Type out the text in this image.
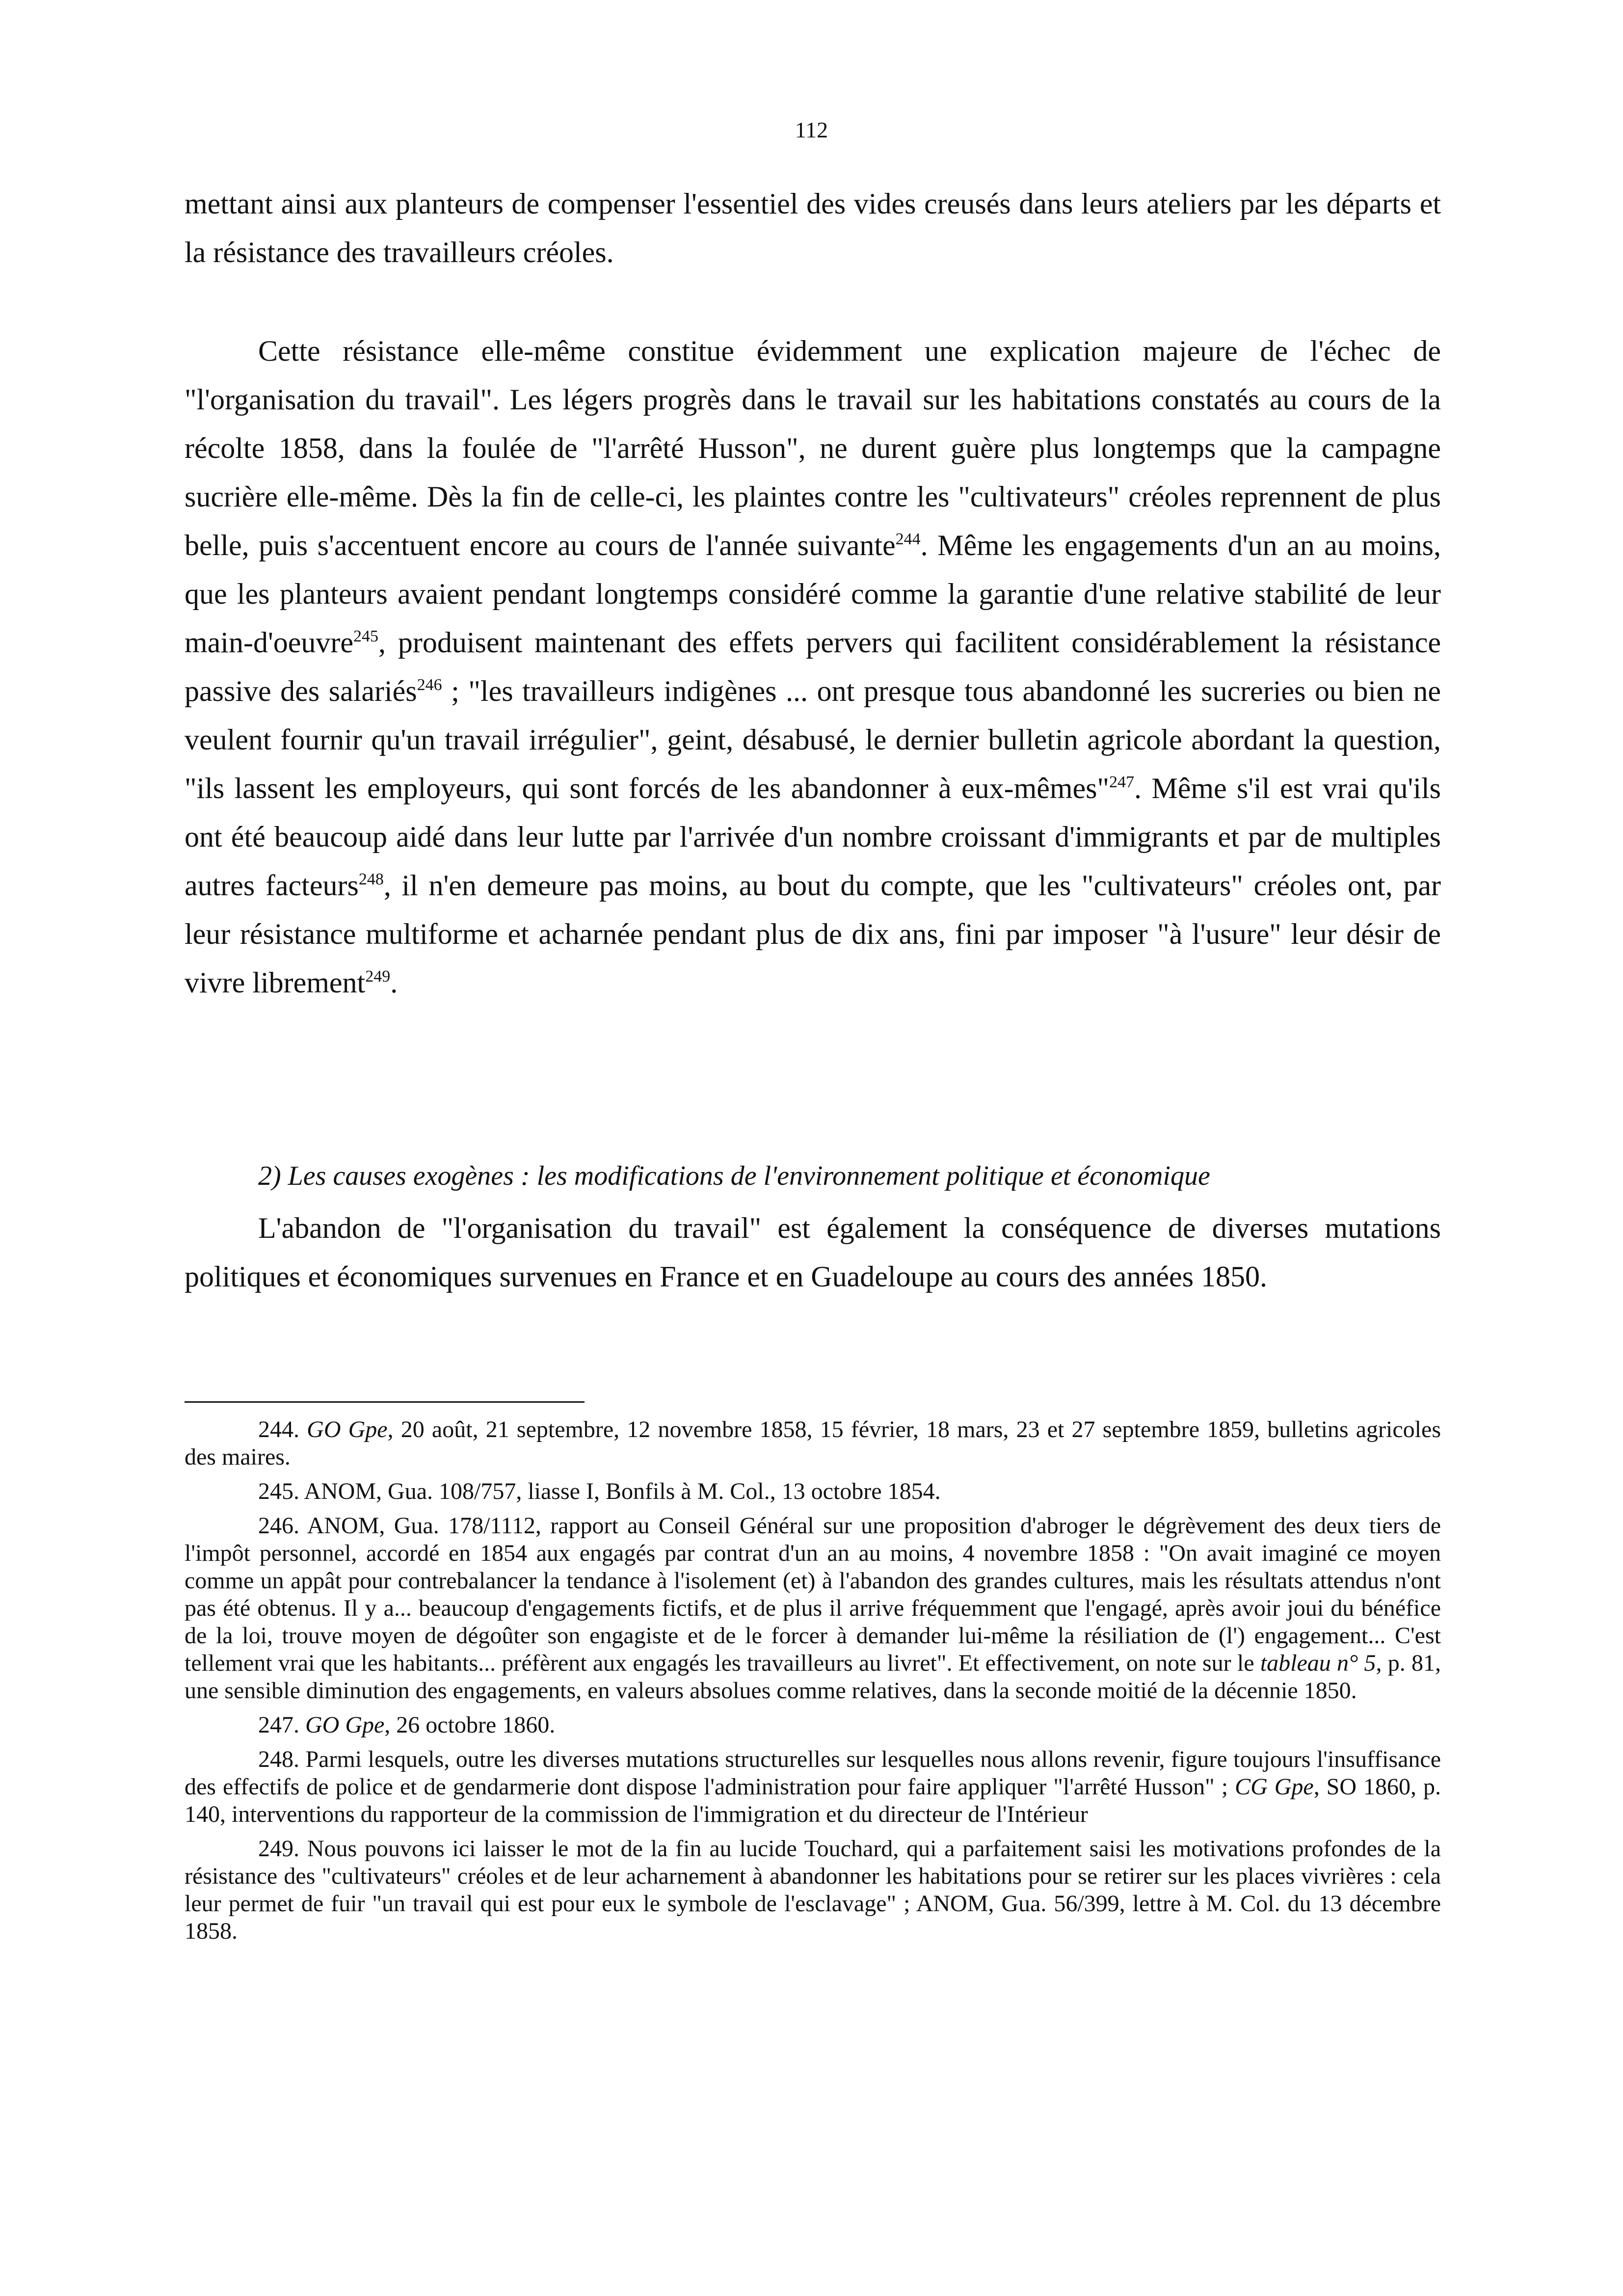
112

mettant ainsi aux planteurs de compenser l'essentiel des vides creusés dans leurs ateliers par les départs et la résistance des travailleurs créoles.

Cette résistance elle-même constitue évidemment une explication majeure de l'échec de "l'organisation du travail". Les légers progrès dans le travail sur les habitations constatés au cours de la récolte 1858, dans la foulée de "l'arrêté Husson", ne durent guère plus longtemps que la campagne sucrière elle-même. Dès la fin de celle-ci, les plaintes contre les "cultivateurs" créoles reprennent de plus belle, puis s'accentuent encore au cours de l'année suivante$^{244}$. Même les engagements d'un an au moins, que les planteurs avaient pendant longtemps considéré comme la garantie d'une relative stabilité de leur main-d'oeuvre$^{245}$, produisent maintenant des effets pervers qui facilitent considérablement la résistance passive des salariés$^{246}$ ; "les travailleurs indigènes ... ont presque tous abandonné les sucreries ou bien ne veulent fournir qu'un travail irrégulier", geint, désabusé, le dernier bulletin agricole abordant la question, "ils lassent les employeurs, qui sont forcés de les abandonner à eux-mêmes"$^{247}$. Même s'il est vrai qu'ils ont été beaucoup aidé dans leur lutte par l'arrivée d'un nombre croissant d'immigrants et par de multiples autres facteurs$^{248}$, il n'en demeure pas moins, au bout du compte, que les "cultivateurs" créoles ont, par leur résistance multiforme et acharnée pendant plus de dix ans, fini par imposer "à l'usure" leur désir de vivre librement$^{249}$.

2) Les causes exogènes : les modifications de l'environnement politique et économique

L'abandon de "l'organisation du travail" est également la conséquence de diverses mutations politiques et économiques survenues en France et en Guadeloupe au cours des années 1850.

244. GO Gpe, 20 août, 21 septembre, 12 novembre 1858, 15 février, 18 mars, 23 et 27 septembre 1859, bulletins agricoles des maires.

245. ANOM, Gua. 108/757, liasse I, Bonfils à M. Col., 13 octobre 1854.

246. ANOM, Gua. 178/1112, rapport au Conseil Général sur une proposition d'abroger le dégrèvement des deux tiers de l'impôt personnel, accordé en 1854 aux engagés par contrat d'un an au moins, 4 novembre 1858 : "On avait imaginé ce moyen comme un appât pour contrebalancer la tendance à l'isolement (et) à l'abandon des grandes cultures, mais les résultats attendus n'ont pas été obtenus. Il y a... beaucoup d'engagements fictifs, et de plus il arrive fréquemment que l'engagé, après avoir joui du bénéfice de la loi, trouve moyen de dégoûter son engagiste et de le forcer à demander lui-même la résiliation de (l') engagement... C'est tellement vrai que les habitants... préfèrent aux engagés les travailleurs au livret". Et effectivement, on note sur le tableau n° 5, p. 81, une sensible diminution des engagements, en valeurs absolues comme relatives, dans la seconde moitié de la décennie 1850.

247. GO Gpe, 26 octobre 1860.

248. Parmi lesquels, outre les diverses mutations structurelles sur lesquelles nous allons revenir, figure toujours l'insuffisance des effectifs de police et de gendarmerie dont dispose l'administration pour faire appliquer "l'arrêté Husson" ; CG Gpe, SO 1860, p. 140, interventions du rapporteur de la commission de l'immigration et du directeur de l'Intérieur

249. Nous pouvons ici laisser le mot de la fin au lucide Touchard, qui a parfaitement saisi les motivations profondes de la résistance des "cultivateurs" créoles et de leur acharnement à abandonner les habitations pour se retirer sur les places vivrières : cela leur permet de fuir "un travail qui est pour eux le symbole de l'esclavage" ; ANOM, Gua. 56/399, lettre à M. Col. du 13 décembre 1858.
